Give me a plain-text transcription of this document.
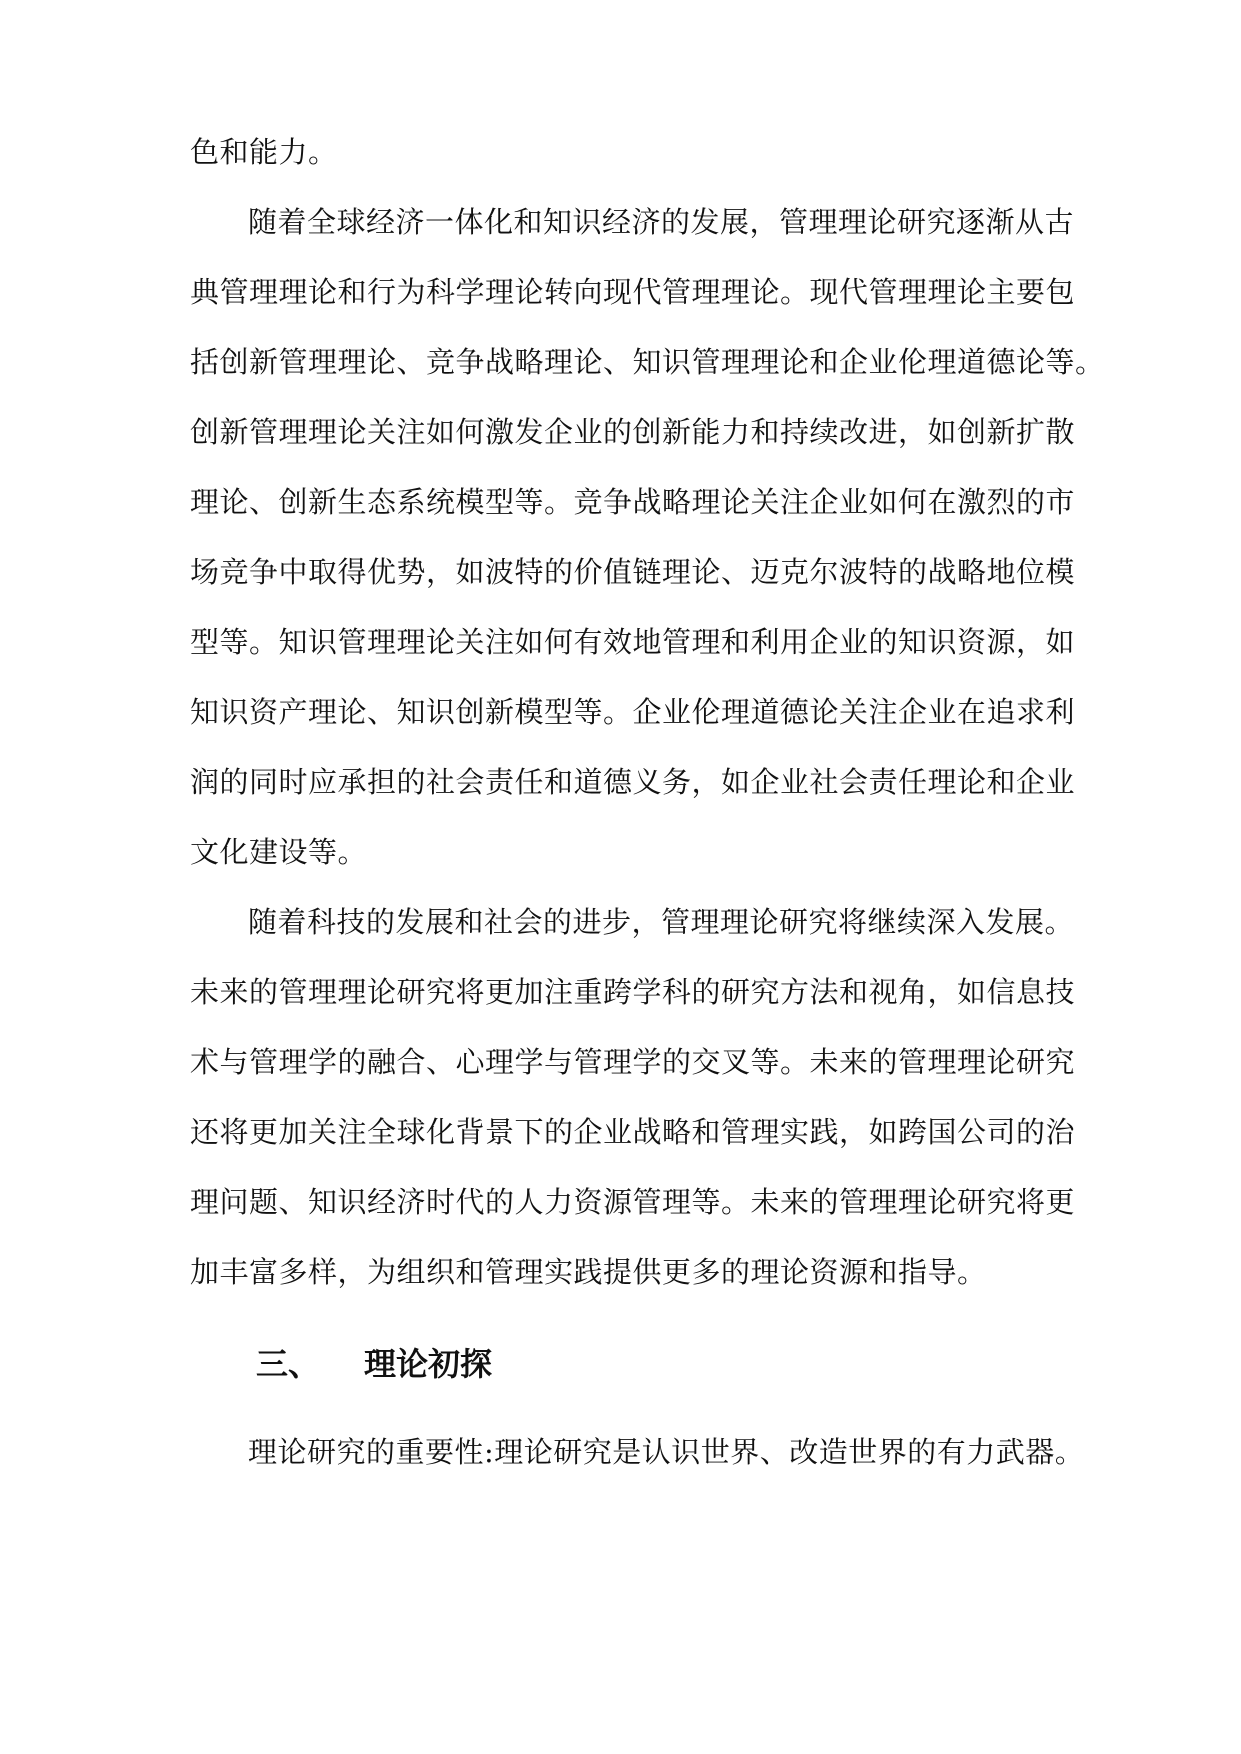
色和能力。
随着全球经济一体化和知识经济的发展，管理理论研究逐渐从古
典管理理论和行为科学理论转向现代管理理论。现代管理理论主要包
括创新管理理论、竞争战略理论、知识管理理论和企业伦理道德论等。
创新管理理论关注如何激发企业的创新能力和持续改进，如创新扩散
理论、创新生态系统模型等。竞争战略理论关注企业如何在激烈的市
场竞争中取得优势，如波特的价值链理论、迈克尔波特的战略地位模
型等。知识管理理论关注如何有效地管理和利用企业的知识资源，如
知识资产理论、知识创新模型等。企业伦理道德论关注企业在追求利
润的同时应承担的社会责任和道德义务，如企业社会责任理论和企业
文化建设等。
随着科技的发展和社会的进步，管理理论研究将继续深入发展。
未来的管理理论研究将更加注重跨学科的研究方法和视角，如信息技
术与管理学的融合、心理学与管理学的交叉等。未来的管理理论研究
还将更加关注全球化背景下的企业战略和管理实践，如跨国公司的治
理问题、知识经济时代的人力资源管理等。未来的管理理论研究将更
加丰富多样，为组织和管理实践提供更多的理论资源和指导。
三、 理论初探
理论研究的重要性:理论研究是认识世界、改造世界的有力武器。
